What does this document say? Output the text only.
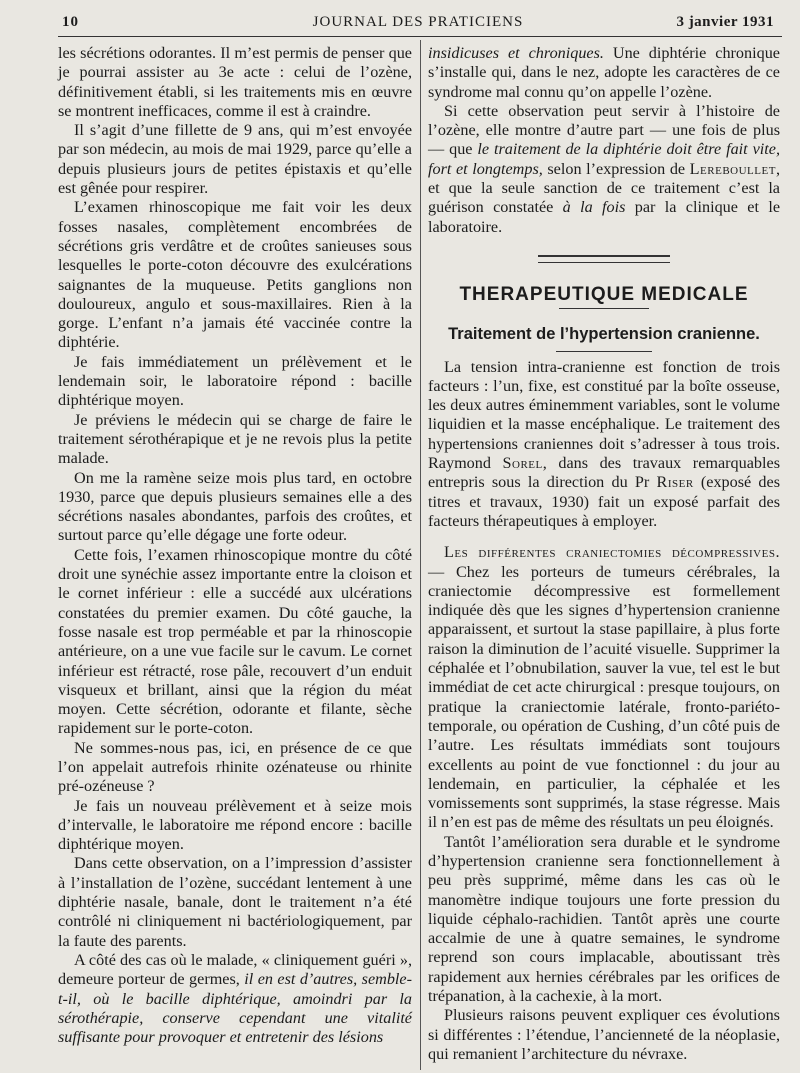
10	JOURNAL DES PRATICIENS	3 janvier 1931

les sécrétions odorantes. Il m’est permis de penser que je pourrai assister au 3e acte : celui de l’ozène, définitivement établi, si les traitements mis en œuvre se montrent inefficaces, comme il est à craindre.

Il s’agit d’une fillette de 9 ans, qui m’est envoyée par son médecin, au mois de mai 1929, parce qu’elle a depuis plusieurs jours de petites épistaxis et qu’elle est gênée pour respirer.

L’examen rhinoscopique me fait voir les deux fosses nasales, complètement encombrées de sécrétions gris verdâtre et de croûtes sanieuses sous lesquelles le porte-coton découvre des exulcérations saignantes de la muqueuse. Petits ganglions non douloureux, angulo et sous-maxillaires. Rien à la gorge. L’enfant n’a jamais été vaccinée contre la diphtérie.

Je fais immédiatement un prélèvement et le lendemain soir, le laboratoire répond : bacille diphtérique moyen.

Je préviens le médecin qui se charge de faire le traitement sérothérapique et je ne revois plus la petite malade.

On me la ramène seize mois plus tard, en octobre 1930, parce que depuis plusieurs semaines elle a des sécrétions nasales abondantes, parfois des croûtes, et surtout parce qu’elle dégage une forte odeur.

Cette fois, l’examen rhinoscopique montre du côté droit une synéchie assez importante entre la cloison et le cornet inférieur : elle a succédé aux ulcérations constatées du premier examen. Du côté gauche, la fosse nasale est trop perméable et par la rhinoscopie antérieure, on a une vue facile sur le cavum. Le cornet inférieur est rétracté, rose pâle, recouvert d’un enduit visqueux et brillant, ainsi que la région du méat moyen. Cette sécrétion, odorante et filante, sèche rapidement sur le porte-coton.

Ne sommes-nous pas, ici, en présence de ce que l’on appelait autrefois rhinite ozénateuse ou rhinite pré-ozéneuse ?

Je fais un nouveau prélèvement et à seize mois d’intervalle, le laboratoire me répond encore : bacille diphtérique moyen.

Dans cette observation, on a l’impression d’assister à l’installation de l’ozène, succédant lentement à une diphtérie nasale, banale, dont le traitement n’a été contrôlé ni cliniquement ni bactériologiquement, par la faute des parents.

A côté des cas où le malade, « cliniquement guéri », demeure porteur de germes, il en est d’autres, semble-t-il, où le bacille diphtérique, amoindri par la sérothérapie, conserve cependant une vitalité suffisante pour provoquer et entretenir des lésions

insidicuses et chroniques. Une diphtérie chronique s’installe qui, dans le nez, adopte les caractères de ce syndrome mal connu qu’on appelle l’ozène.

Si cette observation peut servir à l’histoire de l’ozène, elle montre d’autre part — une fois de plus — que le traitement de la diphtérie doit être fait vite, fort et longtemps, selon l’expression de Lereboullet, et que la seule sanction de ce traitement c’est la guérison constatée à la fois par la clinique et le laboratoire.

THERAPEUTIQUE MEDICALE
Traitement de l’hypertension cranienne.

La tension intra-cranienne est fonction de trois facteurs : l’un, fixe, est constitué par la boîte osseuse, les deux autres éminemment variables, sont le volume liquidien et la masse encéphalique. Le traitement des hypertensions craniennes doit s’adresser à tous trois. Raymond Sorel, dans des travaux remarquables entrepris sous la direction du Pr Riser (exposé des titres et travaux, 1930) fait un exposé parfait des facteurs thérapeutiques à employer.

Les différentes craniectomies décompressives. — Chez les porteurs de tumeurs cérébrales, la craniectomie décompressive est formellement indiquée dès que les signes d’hypertension cranienne apparaissent, et surtout la stase papillaire, à plus forte raison la diminution de l’acuité visuelle. Supprimer la céphalée et l’obnubilation, sauver la vue, tel est le but immédiat de cet acte chirurgical : presque toujours, on pratique la craniectomie latérale, fronto-pariéto-temporale, ou opération de Cushing, d’un côté puis de l’autre. Les résultats immédiats sont toujours excellents au point de vue fonctionnel : du jour au lendemain, en particulier, la céphalée et les vomissements sont supprimés, la stase régresse. Mais il n’en est pas de même des résultats un peu éloignés.

Tantôt l’amélioration sera durable et le syndrome d’hypertension cranienne sera fonctionnellement à peu près supprimé, même dans les cas où le manomètre indique toujours une forte pression du liquide céphalo-rachidien. Tantôt après une courte accalmie de une à quatre semaines, le syndrome reprend son cours implacable, aboutissant très rapidement aux hernies cérébrales par les orifices de trépanation, à la cachexie, à la mort.

Plusieurs raisons peuvent expliquer ces évolutions si différentes : l’étendue, l’ancienneté de la néoplasie, qui remanient l’architecture du névraxe.
